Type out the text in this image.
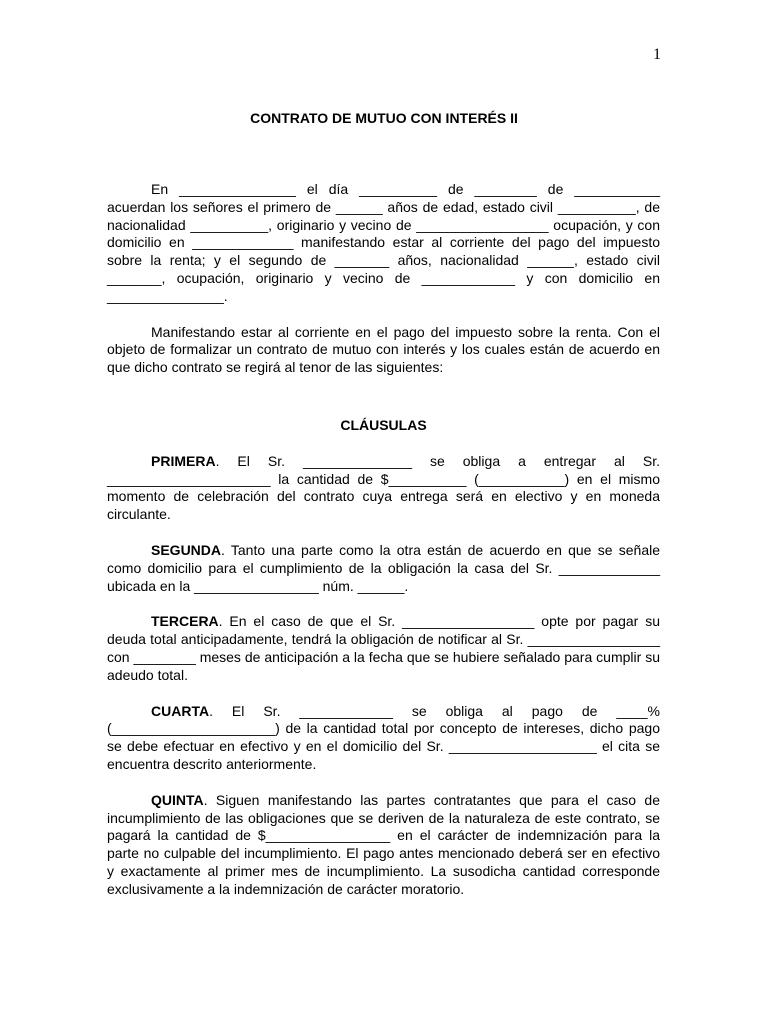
1
CONTRATO DE MUTUO CON INTERÉS II

En _______________ el día __________ de ________ de ___________ acuerdan los señores el primero de ______ años de edad, estado civil __________, de nacionalidad __________, originario y vecino de _________________ ocupación, y con domicilio en _____________ manifestando estar al corriente del pago del impuesto sobre la renta; y el segundo de _______ años, nacionalidad ______, estado civil _______, ocupación, originario y vecino de ____________ y con domicilio en _______________.

Manifestando estar al corriente en el pago del impuesto sobre la renta. Con el objeto de formalizar un contrato de mutuo con interés y los cuales están de acuerdo en que dicho contrato se regirá al tenor de las siguientes:

CLÁUSULAS

PRIMERA. El Sr. ______________ se obliga a entregar al Sr. _____________________ la cantidad de $__________ (___________) en el mismo momento de celebración del contrato cuya entrega será en electivo y en moneda circulante.

SEGUNDA. Tanto una parte como la otra están de acuerdo en que se señale como domicilio para el cumplimiento de la obligación la casa del Sr. _____________ ubicada en la ________________ núm. ______.

TERCERA. En el caso de que el Sr. _________________ opte por pagar su deuda total anticipadamente, tendrá la obligación de notificar al Sr. _________________ con ________ meses de anticipación a la fecha que se hubiere señalado para cumplir su adeudo total.

CUARTA. El Sr. ____________ se obliga al pago de ____% (_____________________) de la cantidad total por concepto de intereses, dicho pago se debe efectuar en efectivo y en el domicilio del Sr. ___________________ el cita se encuentra descrito anteriormente.

QUINTA. Siguen manifestando las partes contratantes que para el caso de incumplimiento de las obligaciones que se deriven de la naturaleza de este contrato, se pagará la cantidad de $________________ en el carácter de indemnización para la parte no culpable del incumplimiento. El pago antes mencionado deberá ser en efectivo y exactamente al primer mes de incumplimiento. La susodicha cantidad corresponde exclusivamente a la indemnización de carácter moratorio.
